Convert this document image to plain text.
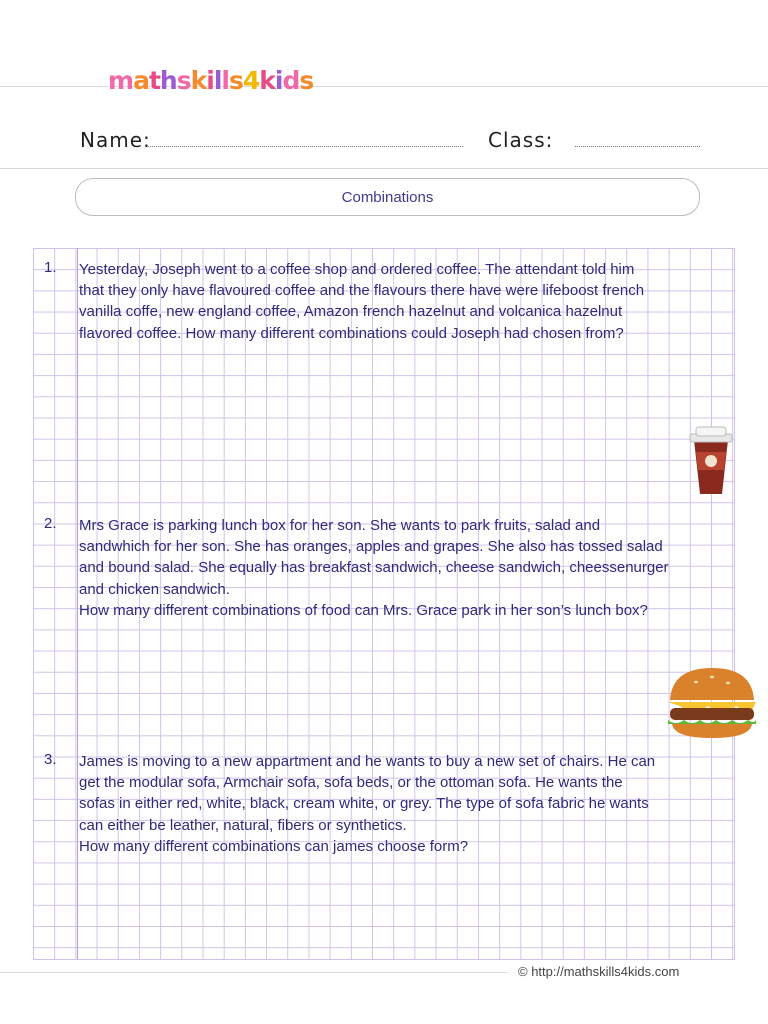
mathskills4kids
Name:	Class:
Combinations
1. Yesterday, Joseph went to a coffee shop and ordered coffee. The attendant told him
that they only have flavoured coffee and the flavours there have were lifeboost french
vanilla coffe, new england coffee, Amazon french hazelnut and volcanica hazelnut
flavored coffee. How many different combinations could Joseph had chosen from?
2. Mrs Grace is parking lunch box for her son. She wants to park fruits, salad and
sandwhich for her son. She has oranges, apples and grapes. She also has tossed salad
and bound salad. She equally has breakfast sandwich, cheese sandwich, cheessenurger
and chicken sandwich.
How many different combinations of food can Mrs. Grace park in her son’s lunch box?
3. James is moving to a new appartment and he wants to buy a new set of chairs. He can
get the modular sofa, Armchair sofa, sofa beds, or the ottoman sofa. He wants the
sofas in either red, white, black, cream white, or grey. The type of sofa fabric he wants
can either be leather, natural, fibers or synthetics.
How many different combinations can james choose form?
© http://mathskills4kids.com
